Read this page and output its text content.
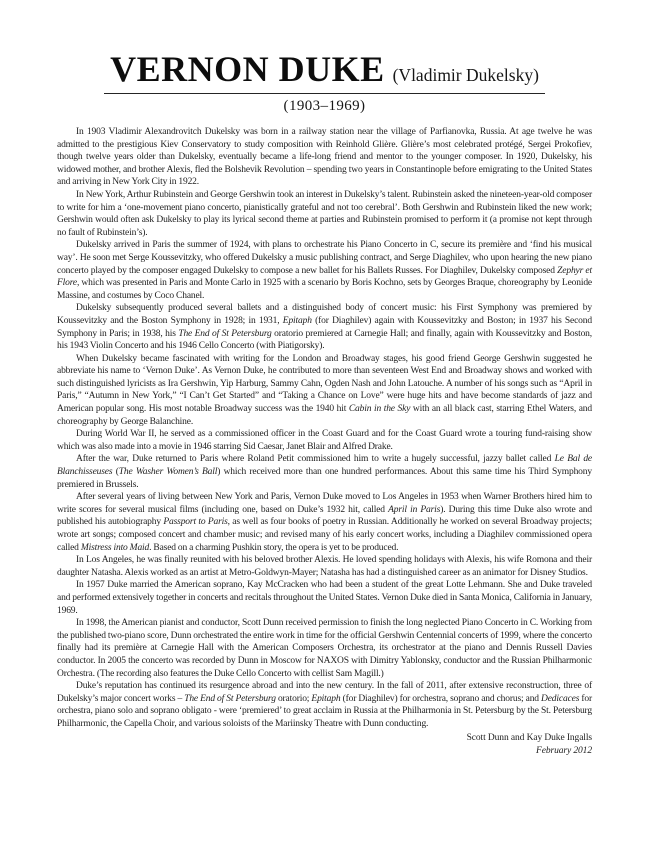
VERNON DUKE (Vladimir Dukelsky)
(1903–1969)

In 1903 Vladimir Alexandrovitch Dukelsky was born in a railway station near the village of Parfianovka, Russia. At age twelve he was admitted to the prestigious Kiev Conservatory to study composition with Reinhold Glière. Glière’s most celebrated protégé, Sergei Prokofiev, though twelve years older than Dukelsky, eventually became a life-long friend and mentor to the younger composer. In 1920, Dukelsky, his widowed mother, and brother Alexis, fled the Bolshevik Revolution – spending two years in Constantinople before emigrating to the United States and arriving in New York City in 1922.

In New York, Arthur Rubinstein and George Gershwin took an interest in Dukelsky’s talent. Rubinstein asked the nineteen-year-old composer to write for him a ‘one-movement piano concerto, pianistically grateful and not too cerebral’. Both Gershwin and Rubinstein liked the new work; Gershwin would often ask Dukelsky to play its lyrical second theme at parties and Rubinstein promised to perform it (a promise not kept through no fault of Rubinstein’s).

Dukelsky arrived in Paris the summer of 1924, with plans to orchestrate his Piano Concerto in C, secure its première and ‘find his musical way’. He soon met Serge Koussevitzky, who offered Dukelsky a music publishing contract, and Serge Diaghilev, who upon hearing the new piano concerto played by the composer engaged Dukelsky to compose a new ballet for his Ballets Russes. For Diaghilev, Dukelsky composed Zephyr et Flore, which was presented in Paris and Monte Carlo in 1925 with a scenario by Boris Kochno, sets by Georges Braque, choreography by Leonide Massine, and costumes by Coco Chanel.

Dukelsky subsequently produced several ballets and a distinguished body of concert music: his First Symphony was premiered by Koussevitzky and the Boston Symphony in 1928; in 1931, Epitaph (for Diaghilev) again with Koussevitzky and Boston; in 1937 his Second Symphony in Paris; in 1938, his The End of St Petersburg oratorio premiered at Carnegie Hall; and finally, again with Koussevitzky and Boston, his 1943 Violin Concerto and his 1946 Cello Concerto (with Piatigorsky).

When Dukelsky became fascinated with writing for the London and Broadway stages, his good friend George Gershwin suggested he abbreviate his name to ‘Vernon Duke’. As Vernon Duke, he contributed to more than seventeen West End and Broadway shows and worked with such distinguished lyricists as Ira Gershwin, Yip Harburg, Sammy Cahn, Ogden Nash and John Latouche. A number of his songs such as “April in Paris,” “Autumn in New York,” “I Can’t Get Started” and “Taking a Chance on Love” were huge hits and have become standards of jazz and American popular song. His most notable Broadway success was the 1940 hit Cabin in the Sky with an all black cast, starring Ethel Waters, and choreography by George Balanchine.

During World War II, he served as a commissioned officer in the Coast Guard and for the Coast Guard wrote a touring fund-raising show which was also made into a movie in 1946 starring Sid Caesar, Janet Blair and Alfred Drake.

After the war, Duke returned to Paris where Roland Petit commissioned him to write a hugely successful, jazzy ballet called Le Bal de Blanchisseuses (The Washer Women’s Ball) which received more than one hundred performances. About this same time his Third Symphony premiered in Brussels.

After several years of living between New York and Paris, Vernon Duke moved to Los Angeles in 1953 when Warner Brothers hired him to write scores for several musical films (including one, based on Duke’s 1932 hit, called April in Paris). During this time Duke also wrote and published his autobiography Passport to Paris, as well as four books of poetry in Russian. Additionally he worked on several Broadway projects; wrote art songs; composed concert and chamber music; and revised many of his early concert works, including a Diaghilev commissioned opera called Mistress into Maid. Based on a charming Pushkin story, the opera is yet to be produced.

In Los Angeles, he was finally reunited with his beloved brother Alexis. He loved spending holidays with Alexis, his wife Romona and their daughter Natasha. Alexis worked as an artist at Metro-Goldwyn-Mayer; Natasha has had a distinguished career as an animator for Disney Studios.

In 1957 Duke married the American soprano, Kay McCracken who had been a student of the great Lotte Lehmann. She and Duke traveled and performed extensively together in concerts and recitals throughout the United States. Vernon Duke died in Santa Monica, California in January, 1969.

In 1998, the American pianist and conductor, Scott Dunn received permission to finish the long neglected Piano Concerto in C. Working from the published two-piano score, Dunn orchestrated the entire work in time for the official Gershwin Centennial concerts of 1999, where the concerto finally had its première at Carnegie Hall with the American Composers Orchestra, its orchestrator at the piano and Dennis Russell Davies conductor. In 2005 the concerto was recorded by Dunn in Moscow for NAXOS with Dimitry Yablonsky, conductor and the Russian Philharmonic Orchestra. (The recording also features the Duke Cello Concerto with cellist Sam Magill.)

Duke’s reputation has continued its resurgence abroad and into the new century. In the fall of 2011, after extensive reconstruction, three of Dukelsky’s major concert works – The End of St Petersburg oratorio; Epitaph (for Diaghilev) for orchestra, soprano and chorus; and Dedicaces for orchestra, piano solo and soprano obligato - were ‘premiered’ to great acclaim in Russia at the Philharmonia in St. Petersburg by the St. Petersburg Philharmonic, the Capella Choir, and various soloists of the Mariinsky Theatre with Dunn conducting.

Scott Dunn and Kay Duke Ingalls
February 2012
